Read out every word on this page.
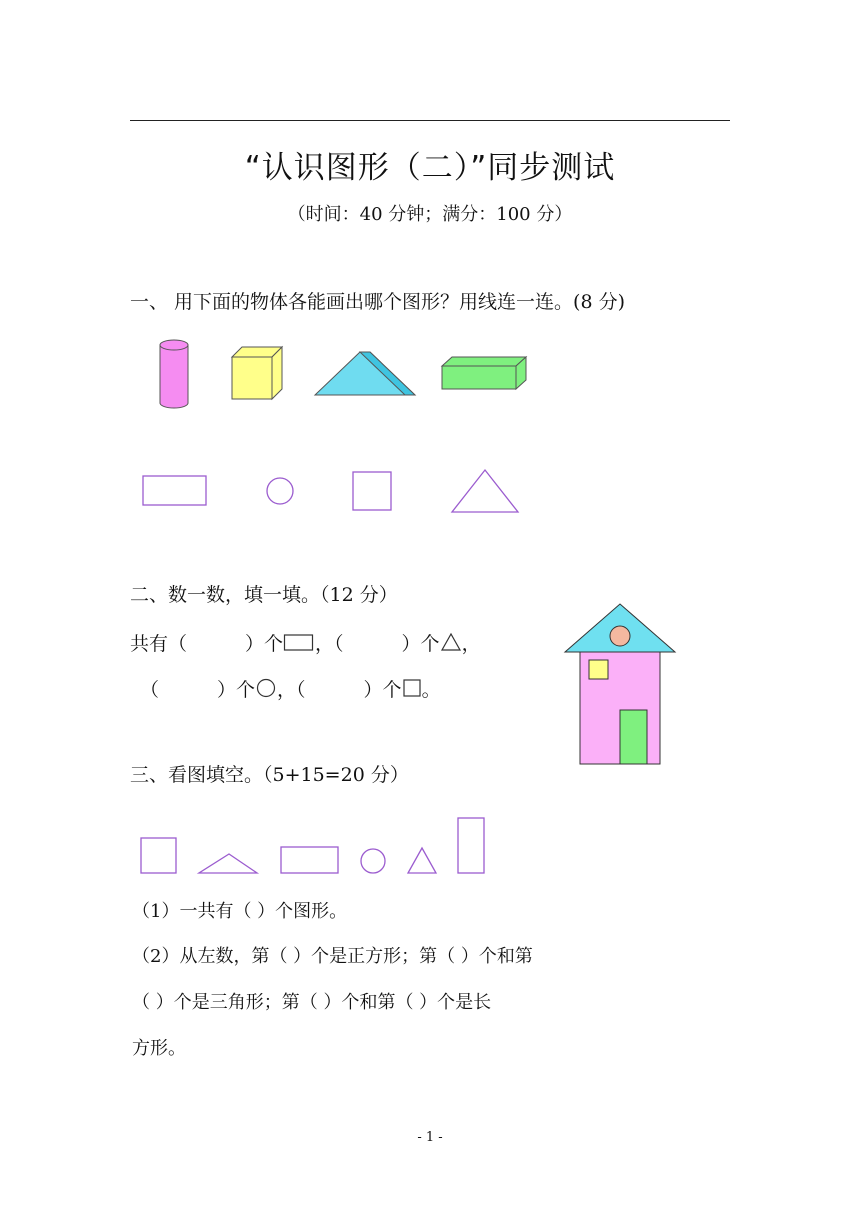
“认识图形（二）”同步测试
（时间：40 分钟；满分：100 分）
一、 用下面的物体各能画出哪个图形？用线连一连。(8 分)
二、数一数，填一填。（12 分）
共有（	）个 ，（	）个 ，
（	）个 ，（	）个 。
三、看图填空。（5+15=20 分）
（1）一共有（ ）个图形。
（2）从左数，第（ ）个是正方形；第（ ）个和第
（ ）个是三角形；第（ ）个和第（ ）个是长
方形。
- 1 -
